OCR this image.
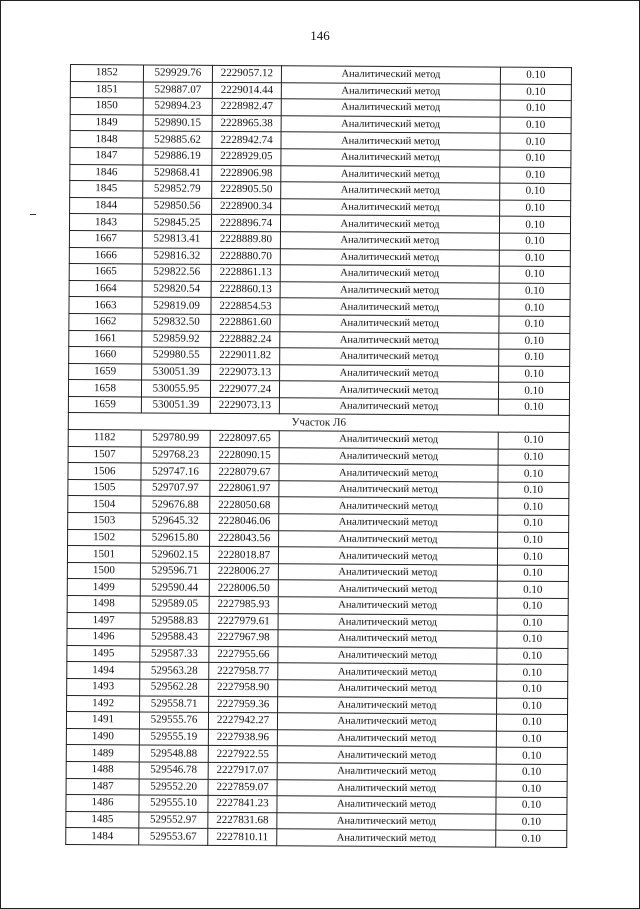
146
1852	529929.76	2229057.12	Аналитический метод	0.10
1851	529887.07	2229014.44	Аналитический метод	0.10
1850	529894.23	2228982.47	Аналитический метод	0.10
1849	529890.15	2228965.38	Аналитический метод	0.10
1848	529885.62	2228942.74	Аналитический метод	0.10
1847	529886.19	2228929.05	Аналитический метод	0.10
1846	529868.41	2228906.98	Аналитический метод	0.10
1845	529852.79	2228905.50	Аналитический метод	0.10
1844	529850.56	2228900.34	Аналитический метод	0.10
1843	529845.25	2228896.74	Аналитический метод	0.10
1667	529813.41	2228889.80	Аналитический метод	0.10
1666	529816.32	2228880.70	Аналитический метод	0.10
1665	529822.56	2228861.13	Аналитический метод	0.10
1664	529820.54	2228860.13	Аналитический метод	0.10
1663	529819.09	2228854.53	Аналитический метод	0.10
1662	529832.50	2228861.60	Аналитический метод	0.10
1661	529859.92	2228882.24	Аналитический метод	0.10
1660	529980.55	2229011.82	Аналитический метод	0.10
1659	530051.39	2229073.13	Аналитический метод	0.10
1658	530055.95	2229077.24	Аналитический метод	0.10
1659	530051.39	2229073.13	Аналитический метод	0.10
Участок Л6				
1182	529780.99	2228097.65	Аналитический метод	0.10
1507	529768.23	2228090.15	Аналитический метод	0.10
1506	529747.16	2228079.67	Аналитический метод	0.10
1505	529707.97	2228061.97	Аналитический метод	0.10
1504	529676.88	2228050.68	Аналитический метод	0.10
1503	529645.32	2228046.06	Аналитический метод	0.10
1502	529615.80	2228043.56	Аналитический метод	0.10
1501	529602.15	2228018.87	Аналитический метод	0.10
1500	529596.71	2228006.27	Аналитический метод	0.10
1499	529590.44	2228006.50	Аналитический метод	0.10
1498	529589.05	2227985.93	Аналитический метод	0.10
1497	529588.83	2227979.61	Аналитический метод	0.10
1496	529588.43	2227967.98	Аналитический метод	0.10
1495	529587.33	2227955.66	Аналитический метод	0.10
1494	529563.28	2227958.77	Аналитический метод	0.10
1493	529562.28	2227958.90	Аналитический метод	0.10
1492	529558.71	2227959.36	Аналитический метод	0.10
1491	529555.76	2227942.27	Аналитический метод	0.10
1490	529555.19	2227938.96	Аналитический метод	0.10
1489	529548.88	2227922.55	Аналитический метод	0.10
1488	529546.78	2227917.07	Аналитический метод	0.10
1487	529552.20	2227859.07	Аналитический метод	0.10
1486	529555.10	2227841.23	Аналитический метод	0.10
1485	529552.97	2227831.68	Аналитический метод	0.10
1484	529553.67	2227810.11	Аналитический метод	0.10
